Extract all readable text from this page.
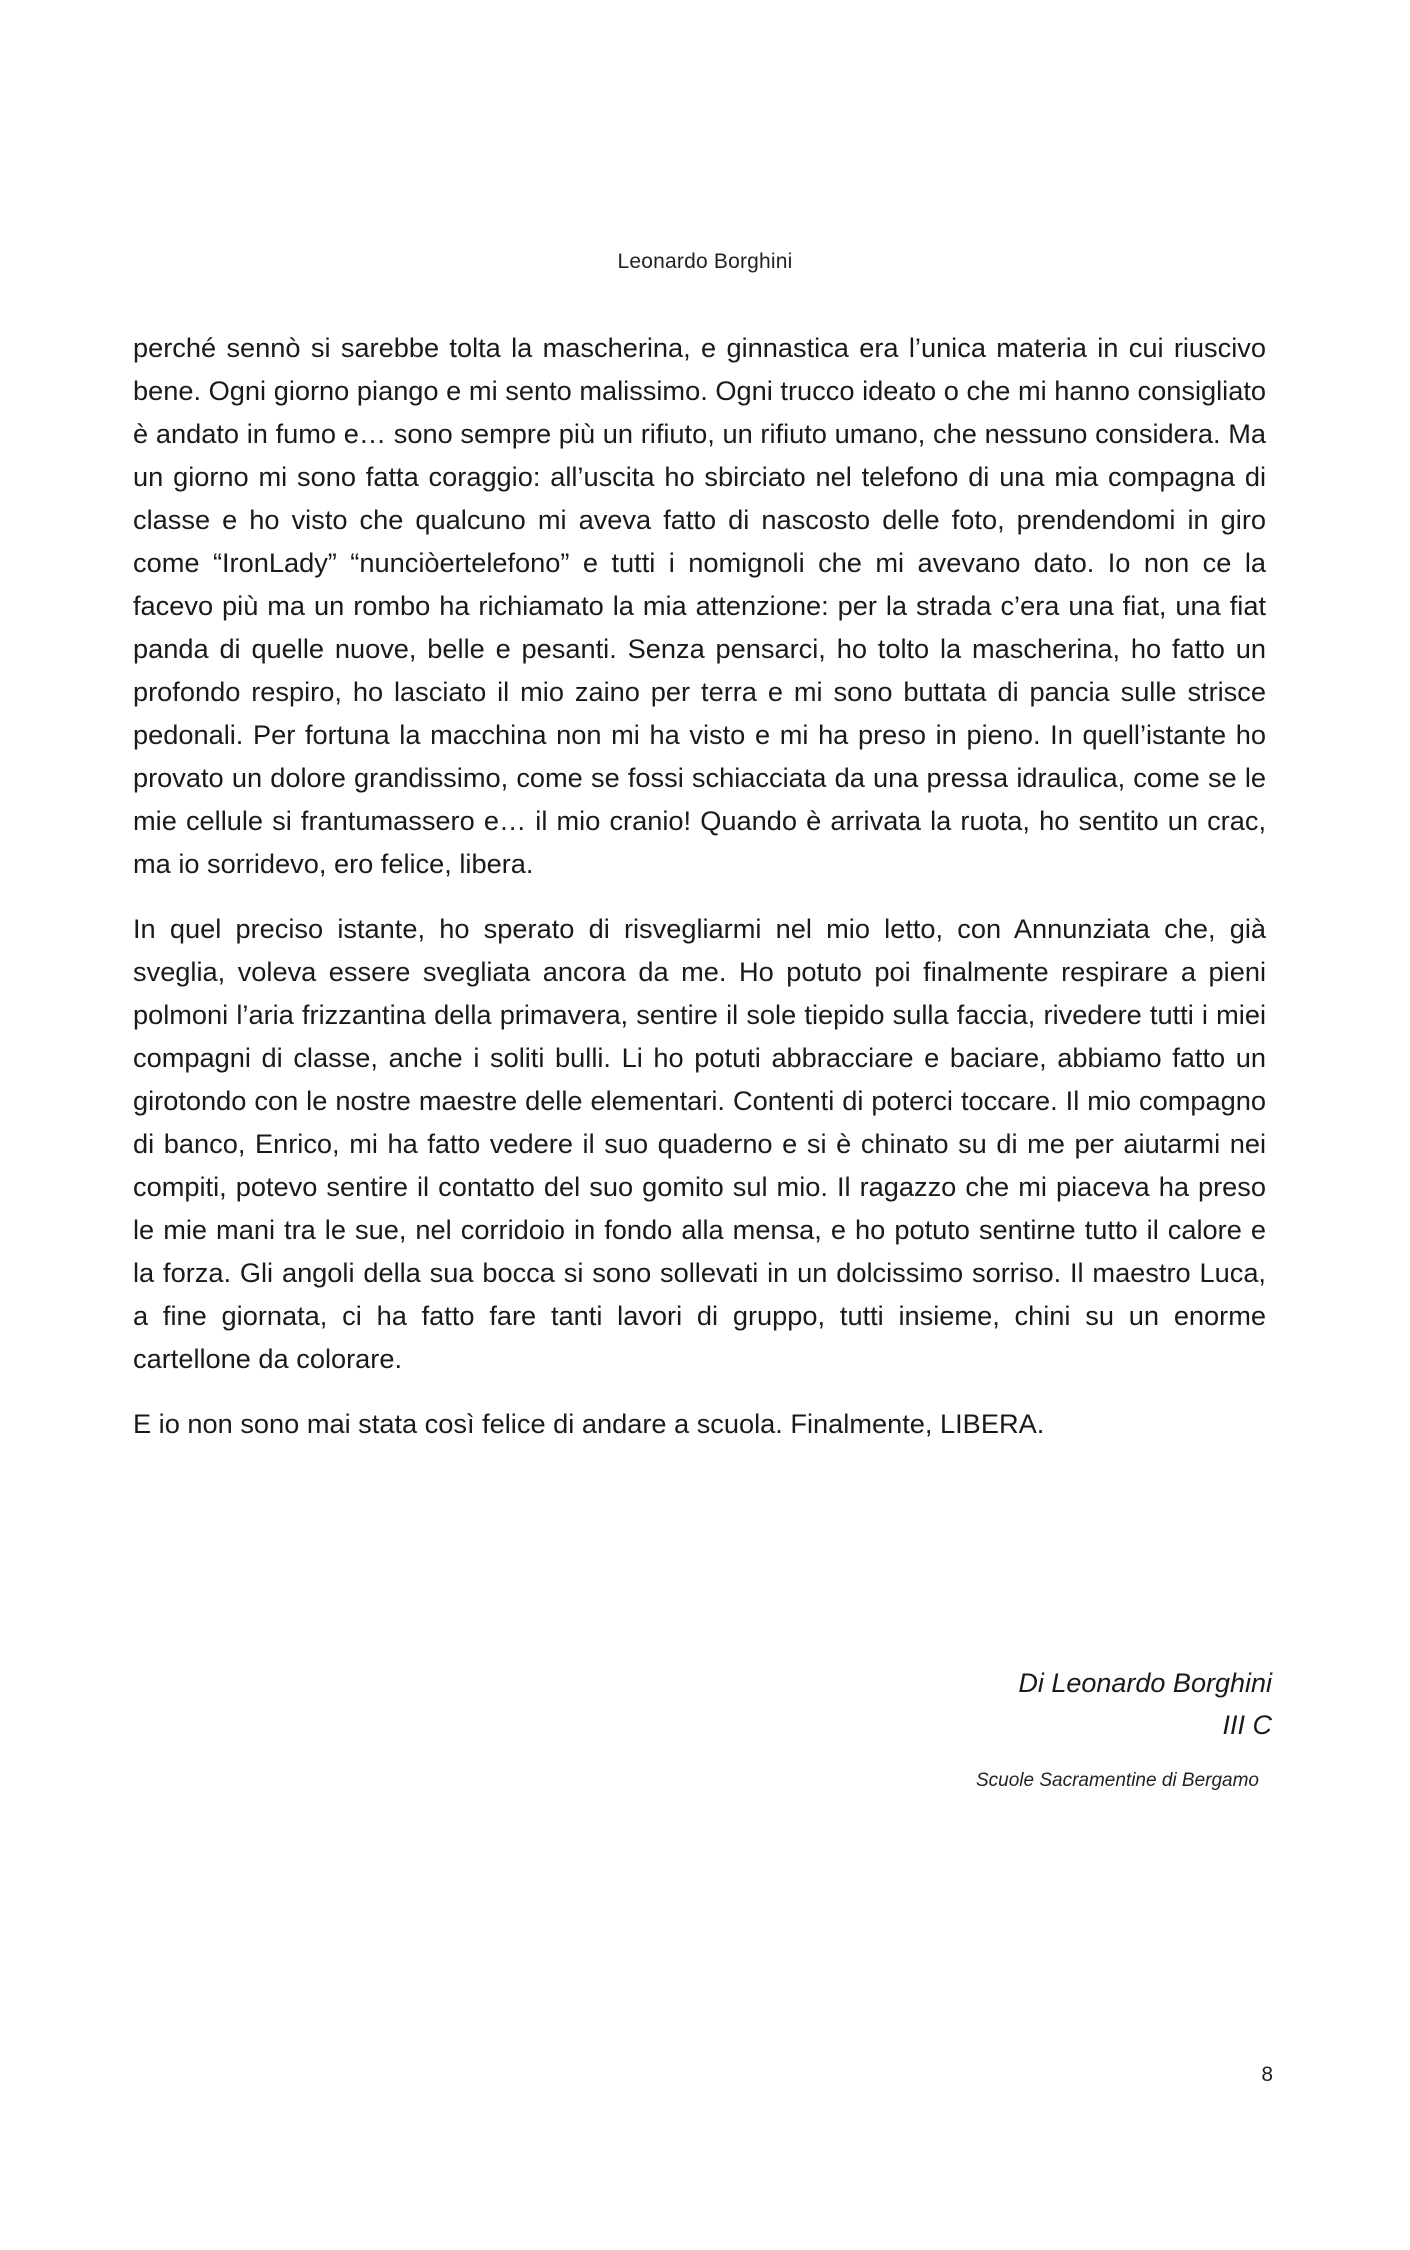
Leonardo Borghini

perché sennò si sarebbe tolta la mascherina, e ginnastica era l’unica materia in cui riuscivo bene. Ogni giorno piango e mi sento malissimo. Ogni trucco ideato o che mi hanno consigliato è andato in fumo e… sono sempre più un rifiuto, un rifiuto umano, che nessuno considera. Ma un giorno mi sono fatta coraggio: all’uscita ho sbirciato nel telefono di una mia compagna di classe e ho visto che qualcuno mi aveva fatto di nascosto delle foto, prendendomi in giro come “IronLady” “nunciòertelefono” e tutti i nomignoli che mi avevano dato. Io non ce la facevo più ma un rombo ha richiamato la mia attenzione: per la strada c’era una fiat, una fiat panda di quelle nuove, belle e pesanti. Senza pensarci, ho tolto la mascherina, ho fatto un profondo respiro, ho lasciato il mio zaino per terra e mi sono buttata di pancia sulle strisce pedonali. Per fortuna la macchina non mi ha visto e mi ha preso in pieno. In quell’istante ho provato un dolore grandissimo, come se fossi schiacciata da una pressa idraulica, come se le mie cellule si frantumassero e… il mio cranio! Quando è arrivata la ruota, ho sentito un crac, ma io sorridevo, ero felice, libera.

In quel preciso istante, ho sperato di risvegliarmi nel mio letto, con Annunziata che, già sveglia, voleva essere svegliata ancora da me. Ho potuto poi finalmente respirare a pieni polmoni l’aria frizzantina della primavera, sentire il sole tiepido sulla faccia, rivedere tutti i miei compagni di classe, anche i soliti bulli. Li ho potuti abbracciare e baciare, abbiamo fatto un girotondo con le nostre maestre delle elementari. Contenti di poterci toccare. Il mio compagno di banco, Enrico, mi ha fatto vedere il suo quaderno e si è chinato su di me per aiutarmi nei compiti, potevo sentire il contatto del suo gomito sul mio. Il ragazzo che mi piaceva ha preso le mie mani tra le sue, nel corridoio in fondo alla mensa, e ho potuto sentirne tutto il calore e la forza. Gli angoli della sua bocca si sono sollevati in un dolcissimo sorriso. Il maestro Luca, a fine giornata, ci ha fatto fare tanti lavori di gruppo, tutti insieme, chini su un enorme cartellone da colorare.

E io non sono mai stata così felice di andare a scuola. Finalmente, LIBERA.

Di Leonardo Borghini
III C
Scuole Sacramentine di Bergamo
8
